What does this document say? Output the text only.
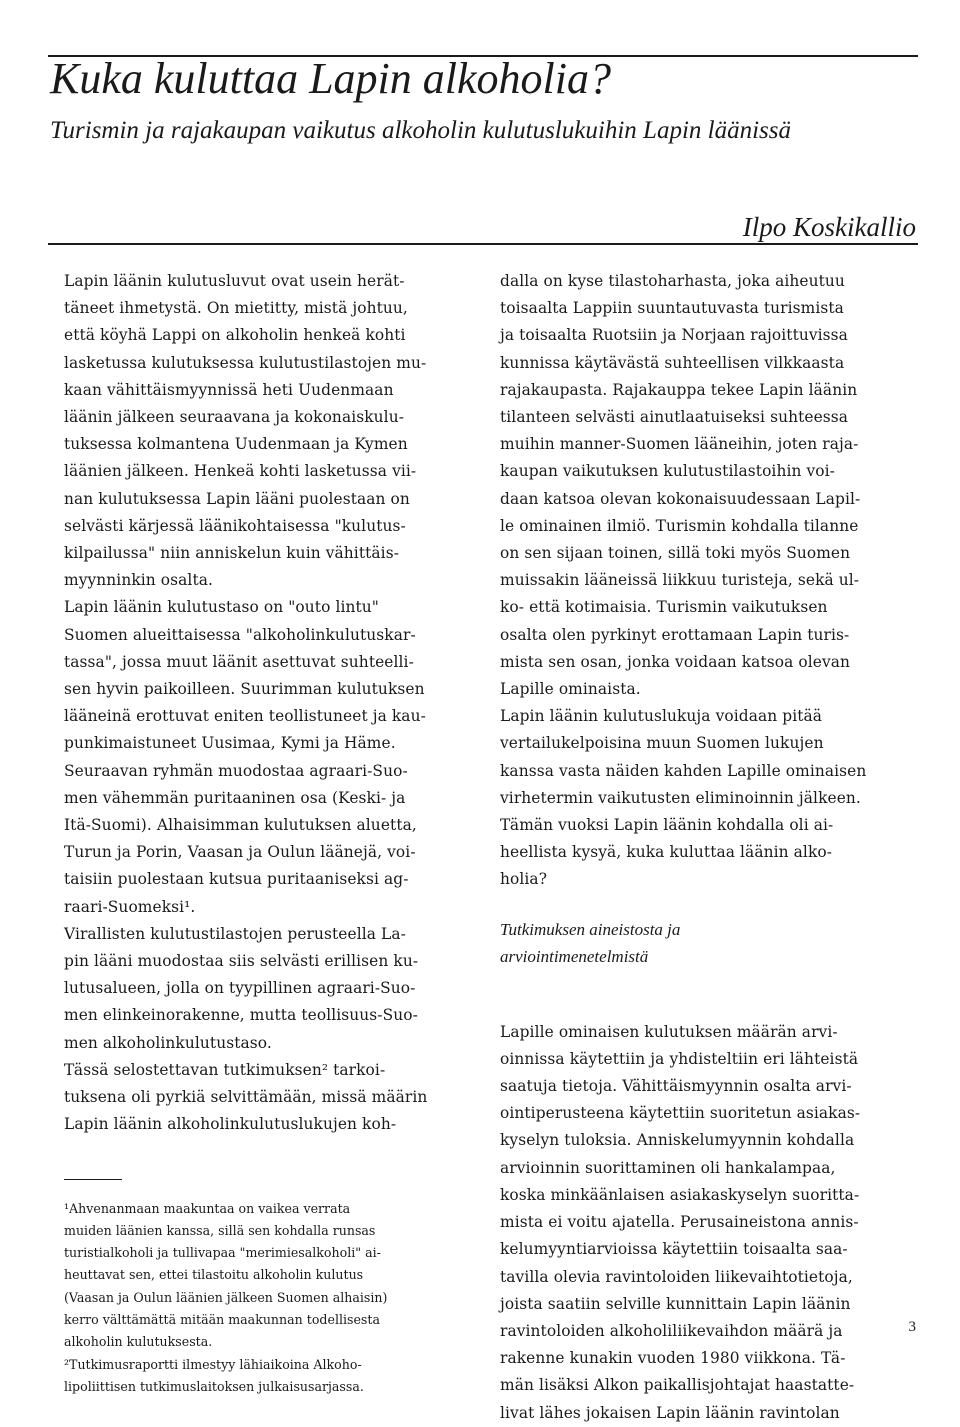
Kuka kuluttaa Lapin alkoholia?
Turismin ja rajakaupan vaikutus alkoholin kulutuslukuihin Lapin läänissä
Ilpo Koskikallio
Lapin läänin kulutusluvut ovat usein herät-
täneet ihmetystä. On mietitty, mistä johtuu,
että köyhä Lappi on alkoholin henkeä kohti
lasketussa kulutuksessa kulutustilastojen mu-
kaan vähittäismyynnissä heti Uudenmaan
läänin jälkeen seuraavana ja kokonaiskulu-
tuksessa kolmantena Uudenmaan ja Kymen
läänien jälkeen. Henkeä kohti lasketussa vii-
nan kulutuksessa Lapin lääni puolestaan on
selvästi kärjessä läänikohtaisessa "kulutus-
kilpailussa" niin anniskelun kuin vähittäis-
myynninkin osalta.
Lapin läänin kulutustaso on "outo lintu"
Suomen alueittaisessa "alkoholinkulutuskar-
tassa", jossa muut läänit asettuvat suhteelli-
sen hyvin paikoilleen. Suurimman kulutuksen
lääneinä erottuvat eniten teollistuneet ja kau-
punkimaistuneet Uusimaa, Kymi ja Häme.
Seuraavan ryhmän muodostaa agraari-Suo-
men vähemmän puritaaninen osa (Keski- ja
Itä-Suomi). Alhaisimman kulutuksen aluetta,
Turun ja Porin, Vaasan ja Oulun läänejä, voi-
taisiin puolestaan kutsua puritaaniseksi ag-
raari-Suomeksi¹.
Virallisten kulutustilastojen perusteella La-
pin lääni muodostaa siis selvästi erillisen ku-
lutusalueen, jolla on tyypillinen agraari-Suo-
men elinkeinorakenne, mutta teollisuus-Suo-
men alkoholinkulutustaso.
Tässä selostettavan tutkimuksen² tarkoi-
tuksena oli pyrkiä selvittämään, missä määrin
Lapin läänin alkoholinkulutuslukujen koh-
¹Ahvenanmaan maakuntaa on vaikea verrata
muiden läänien kanssa, sillä sen kohdalla runsas
turistialkoholi ja tullivapaa "merimiesalkoholi" ai-
heuttavat sen, ettei tilastoitu alkoholin kulutus
(Vaasan ja Oulun läänien jälkeen Suomen alhaisin)
kerro välttämättä mitään maakunnan todellisesta
alkoholin kulutuksesta.
²Tutkimusraportti ilmestyy lähiaikoina Alkoho-
lipoliittisen tutkimuslaitoksen julkaisusarjassa.
dalla on kyse tilastoharhasta, joka aiheutuu
toisaalta Lappiin suuntautuvasta turismista
ja toisaalta Ruotsiin ja Norjaan rajoittuvissa
kunnissa käytävästä suhteellisen vilkkaasta
rajakaupasta. Rajakauppa tekee Lapin läänin
tilanteen selvästi ainutlaatuiseksi suhteessa
muihin manner-Suomen lääneihin, joten raja-
kaupan vaikutuksen kulutustilastoihin voi-
daan katsoa olevan kokonaisuudessaan Lapil-
le ominainen ilmiö. Turismin kohdalla tilanne
on sen sijaan toinen, sillä toki myös Suomen
muissakin lääneissä liikkuu turisteja, sekä ul-
ko- että kotimaisia. Turismin vaikutuksen
osalta olen pyrkinyt erottamaan Lapin turis-
mista sen osan, jonka voidaan katsoa olevan
Lapille ominaista.
Lapin läänin kulutuslukuja voidaan pitää
vertailukelpoisina muun Suomen lukujen
kanssa vasta näiden kahden Lapille ominaisen
virhetermin vaikutusten eliminoinnin jälkeen.
Tämän vuoksi Lapin läänin kohdalla oli ai-
heellista kysyä, kuka kuluttaa läänin alko-
holia?
Tutkimuksen aineistosta ja
arviointimenetelmistä
Lapille ominaisen kulutuksen määrän arvi-
oinnissa käytettiin ja yhdisteltiin eri lähteistä
saatuja tietoja. Vähittäismyynnin osalta arvi-
ointiperusteena käytettiin suoritetun asiakas-
kyselyn tuloksia. Anniskelumyynnin kohdalla
arvioinnin suorittaminen oli hankalampaa,
koska minkäänlaisen asiakaskyselyn suoritta-
mista ei voitu ajatella. Perusaineistona annis-
kelumyyntiarvioissa käytettiin toisaalta saa-
tavilla olevia ravintoloiden liikevaihtotietoja,
joista saatiin selville kunnittain Lapin läänin
ravintoloiden alkoholiliikevaihdon määrä ja
rakenne kunakin vuoden 1980 viikkona. Tä-
män lisäksi Alkon paikallisjohtajat haastatte-
livat lähes jokaisen Lapin läänin ravintolan
3
